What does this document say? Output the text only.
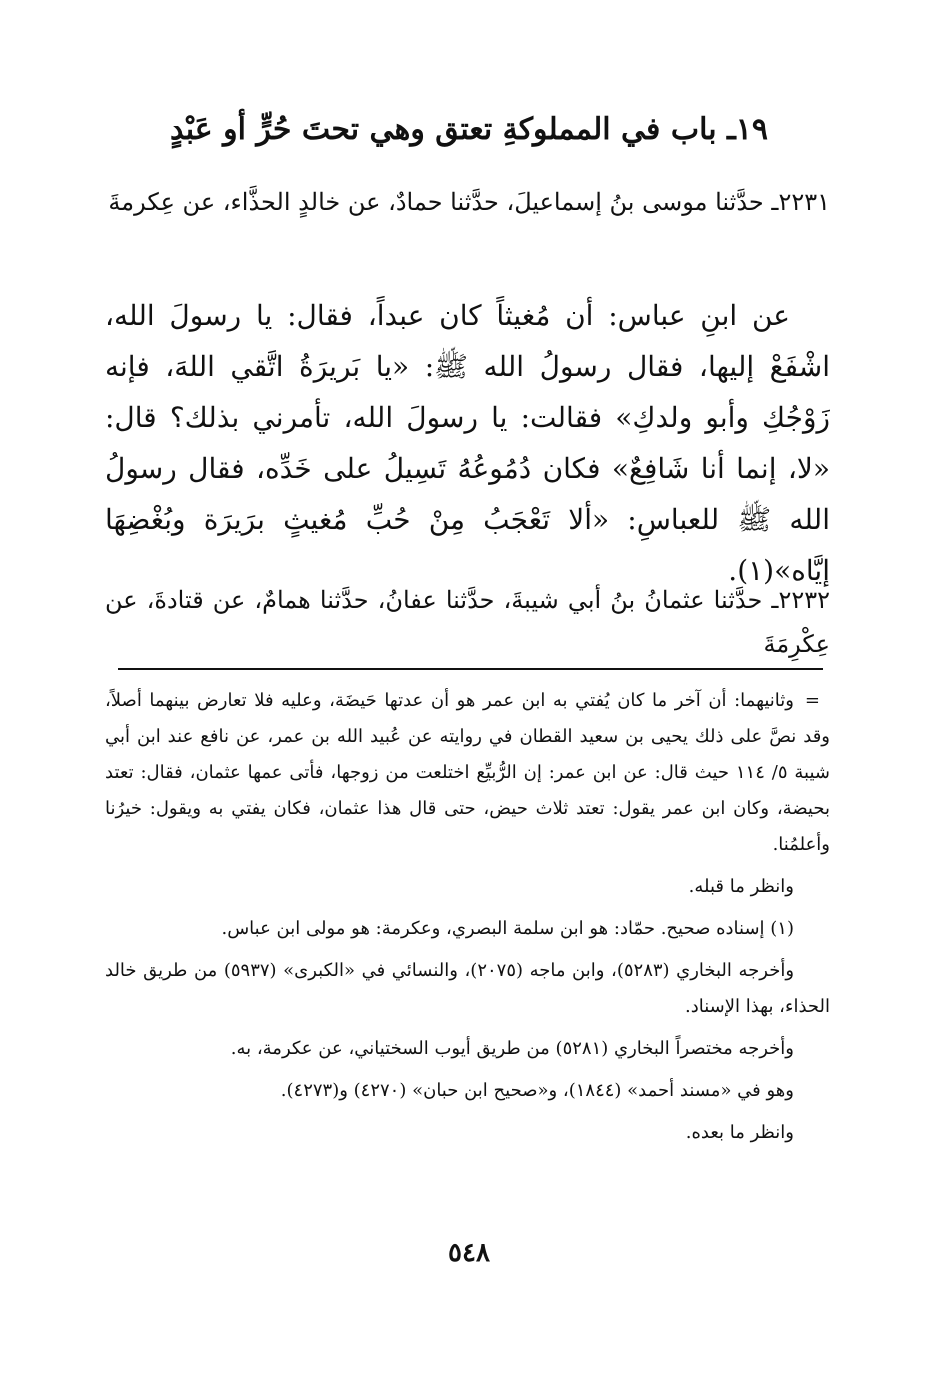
١٩ـ باب في المملوكةِ تعتق وهي تحتَ حُرٍّ أو عَبْدٍ

٢٢٣١ـ حدَّثنا موسى بنُ إسماعيلَ، حدَّثنا حمادٌ، عن خالدٍ الحذَّاء، عن عِكرمةَ

عن ابنِ عباس: أن مُغيثاً كان عبداً، فقال: يا رسولَ الله، اشْفَعْ إليها، فقال رسولُ الله ﷺ: «يا بَريرَةُ اتَّقي اللهَ، فإنه زَوْجُكِ وأبو ولدكِ» فقالت: يا رسولَ الله، تأمرني بذلك؟ قال: «لا، إنما أنا شَافِعٌ» فكان دُمُوعُهُ تَسِيلُ على خَدِّه، فقال رسولُ الله ﷺ للعباسِ: «ألا تَعْجَبُ مِنْ حُبِّ مُغيثٍ برَيرَة وبُغْضِهَا إيَّاه»(١).

٢٢٣٢ـ حدَّثنا عثمانُ بنُ أبي شيبةَ، حدَّثنا عفانُ، حدَّثنا همامٌ، عن قتادةَ، عن عِكْرِمَةَ

=
وثانيهما: أن آخر ما كان يُفتي به ابن عمر هو أن عدتها حَيضَة، وعليه فلا تعارض بينهما أصلاً، وقد نصَّ على ذلك يحيى بن سعيد القطان في روايته عن عُبيد الله بن عمر، عن نافع عند ابن أبي شيبة ٥/ ١١٤ حيث قال: عن ابن عمر: إن الرُّبيِّع اختلعت من زوجها، فأتى عمها عثمان، فقال: تعتد بحيضة، وكان ابن عمر يقول: تعتد ثلاث حيض، حتى قال هذا عثمان، فكان يفتي به ويقول: خيرُنا وأعلمُنا.

وانظر ما قبله.

(١) إسناده صحيح. حمّاد: هو ابن سلمة البصري، وعكرمة: هو مولى ابن عباس.

وأخرجه البخاري (٥٢٨٣)، وابن ماجه (٢٠٧٥)، والنسائي في «الكبرى» (٥٩٣٧) من طريق خالد الحذاء، بهذا الإسناد.

وأخرجه مختصراً البخاري (٥٢٨١) من طريق أيوب السختياني، عن عكرمة، به.

وهو في «مسند أحمد» (١٨٤٤)، و«صحيح ابن حبان» (٤٢٧٠) و(٤٢٧٣).

وانظر ما بعده.

٥٤٨
